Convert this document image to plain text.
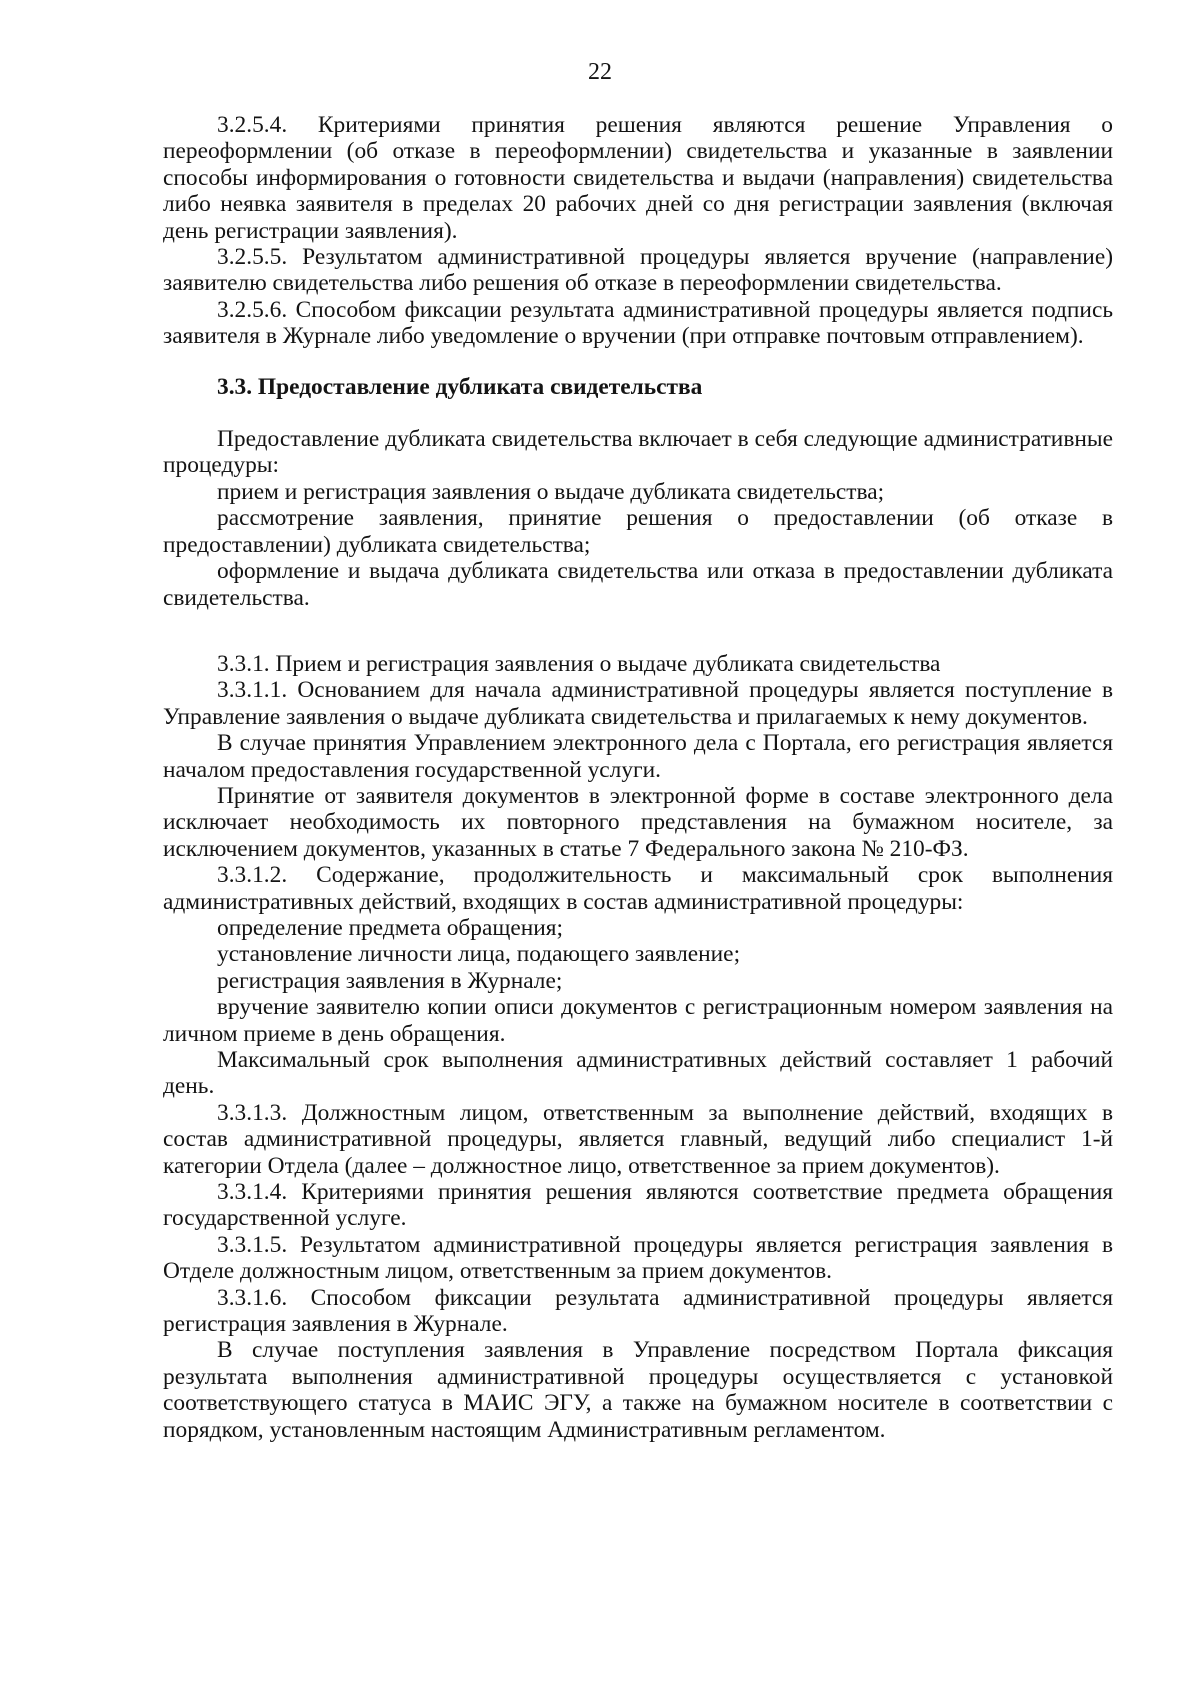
22

3.2.5.4. Критериями принятия решения являются решение Управления о переоформлении (об отказе в переоформлении) свидетельства и указанные в заявлении способы информирования о готовности свидетельства и выдачи (направления) свидетельства либо неявка заявителя в пределах 20 рабочих дней со дня регистрации заявления (включая день регистрации заявления).

3.2.5.5. Результатом административной процедуры является вручение (направление) заявителю свидетельства либо решения об отказе в переоформлении свидетельства.

3.2.5.6. Способом фиксации результата административной процедуры является подпись заявителя в Журнале либо уведомление о вручении (при отправке почтовым отправлением).

3.3. Предоставление дубликата свидетельства

Предоставление дубликата свидетельства включает в себя следующие административные процедуры:

прием и регистрация заявления о выдаче дубликата свидетельства;

рассмотрение заявления, принятие решения о предоставлении (об отказе в предоставлении) дубликата свидетельства;

оформление и выдача дубликата свидетельства или отказа в предоставлении дубликата свидетельства.

3.3.1. Прием и регистрация заявления о выдаче дубликата свидетельства

3.3.1.1. Основанием для начала административной процедуры является поступление в Управление заявления о выдаче дубликата свидетельства и прилагаемых к нему документов.

В случае принятия Управлением электронного дела с Портала, его регистрация является началом предоставления государственной услуги.

Принятие от заявителя документов в электронной форме в составе электронного дела исключает необходимость их повторного представления на бумажном носителе, за исключением документов, указанных в статье 7 Федерального закона № 210-ФЗ.

3.3.1.2. Содержание, продолжительность и максимальный срок выполнения административных действий, входящих в состав административной процедуры:

определение предмета обращения;

установление личности лица, подающего заявление;

регистрация заявления в Журнале;

вручение заявителю копии описи документов с регистрационным номером заявления на личном приеме в день обращения.

Максимальный срок выполнения административных действий составляет 1 рабочий день.

3.3.1.3. Должностным лицом, ответственным за выполнение действий, входящих в состав административной процедуры, является главный, ведущий либо специалист 1-й категории Отдела (далее – должностное лицо, ответственное за прием документов).

3.3.1.4. Критериями принятия решения являются соответствие предмета обращения государственной услуге.

3.3.1.5. Результатом административной процедуры является регистрация заявления в Отделе должностным лицом, ответственным за прием документов.

3.3.1.6. Способом фиксации результата административной процедуры является регистрация заявления в Журнале.

В случае поступления заявления в Управление посредством Портала фиксация результата выполнения административной процедуры осуществляется с установкой соответствующего статуса в МАИС ЭГУ, а также на бумажном носителе в соответствии с порядком, установленным настоящим Административным регламентом.
